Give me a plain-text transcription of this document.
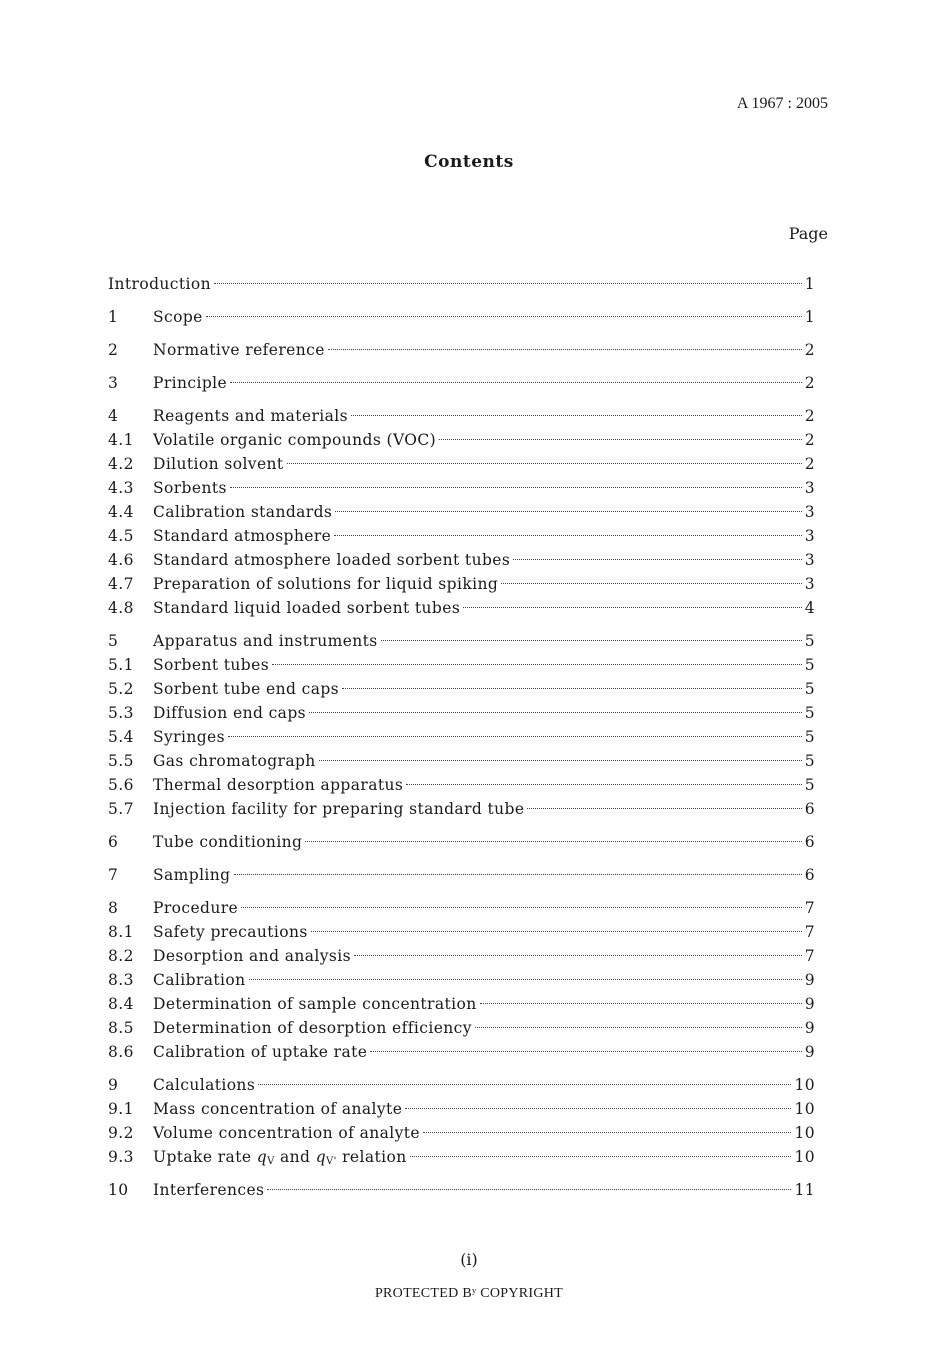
A 1967 : 2005
Contents
Page
Introduction	1
1	Scope	1
2	Normative reference	2
3	Principle	2
4	Reagents and materials	2
4.1	Volatile organic compounds (VOC)	2
4.2	Dilution solvent	2
4.3	Sorbents	3
4.4	Calibration standards	3
4.5	Standard atmosphere	3
4.6	Standard atmosphere loaded sorbent tubes	3
4.7	Preparation of solutions for liquid spiking	3
4.8	Standard liquid loaded sorbent tubes	4
5	Apparatus and instruments	5
5.1	Sorbent tubes	5
5.2	Sorbent tube end caps	5
5.3	Diffusion end caps	5
5.4	Syringes	5
5.5	Gas chromatograph	5
5.6	Thermal desorption apparatus	5
5.7	Injection facility for preparing standard tube	6
6	Tube conditioning	6
7	Sampling	6
8	Procedure	7
8.1	Safety precautions	7
8.2	Desorption and analysis	7
8.3	Calibration	9
8.4	Determination of sample concentration	9
8.5	Determination of desorption efficiency	9
8.6	Calibration of uptake rate	9
9	Calculations	10
9.1	Mass concentration of analyte	10
9.2	Volume concentration of analyte	10
9.3	Uptake rate $q_V$ and $q_{V'}$ relation	10
10	Interferences	11
(i)
PROTECTED Bʸ COPYRIGHT
